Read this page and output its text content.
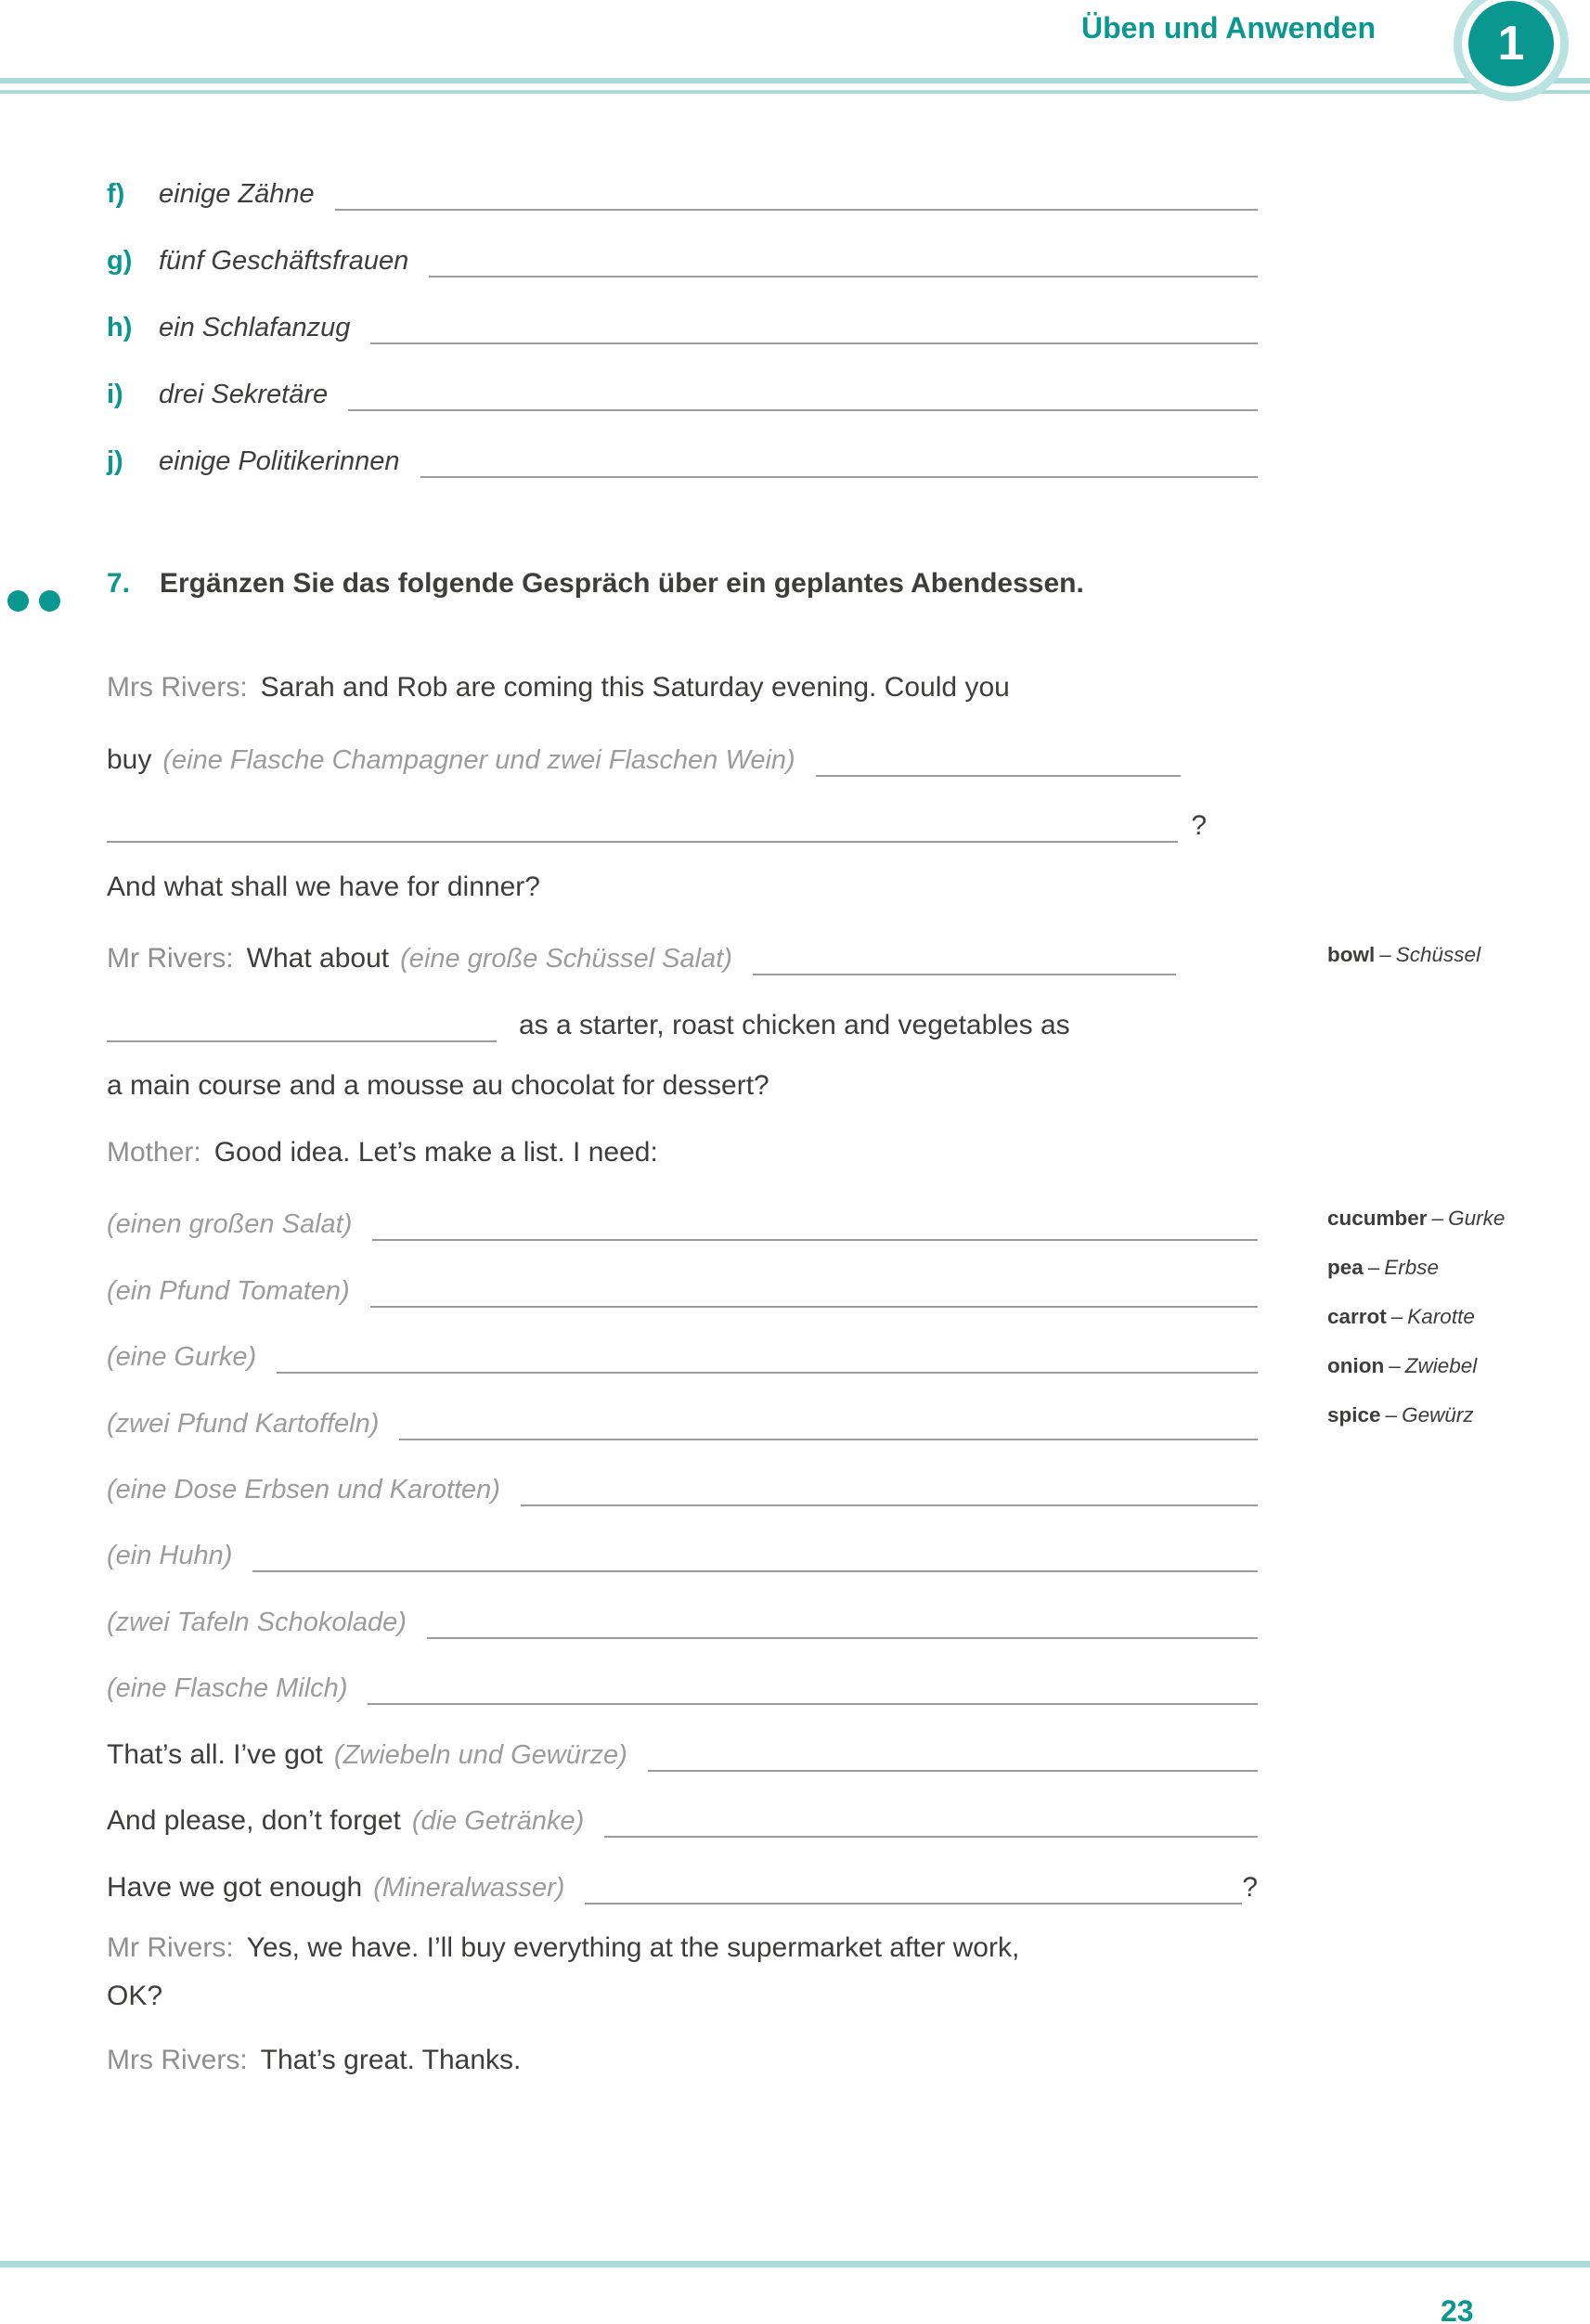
Üben und Anwenden	1
f)	einige Zähne
g) fünf Geschäftsfrauen
h) ein Schlafanzug
i)	drei Sekretäre
j)	einige Politikerinnen
7. Ergänzen Sie das folgende Gespräch über ein geplantes Abendessen.
Mrs Rivers: Sarah and Rob are coming this Saturday evening. Could you
buy (eine Flasche Champagner und zwei Flaschen Wein)
?
And what shall we have for dinner?
Mr Rivers: What about (eine große Schüssel Salat)
as a starter, roast chicken and vegetables as
a main course and a mousse au chocolat for dessert?
Mother: Good idea. Let’s make a list. I need:
(einen großen Salat)
(ein Pfund Tomaten)
(eine Gurke)
(zwei Pfund Kartoffeln)
(eine Dose Erbsen und Karotten)
(ein Huhn)
(zwei Tafeln Schokolade)
(eine Flasche Milch)
That’s all. I’ve got (Zwiebeln und Gewürze)
And please, don’t forget (die Getränke)
Have we got enough (Mineralwasser)	?
Mr Rivers: Yes, we have. I’ll buy everything at the supermarket after work,
OK?
Mrs Rivers: That’s great. Thanks.
bowl – Schüssel
cucumber – Gurke
pea – Erbse
carrot – Karotte
onion – Zwiebel
spice – Gewürz
23
